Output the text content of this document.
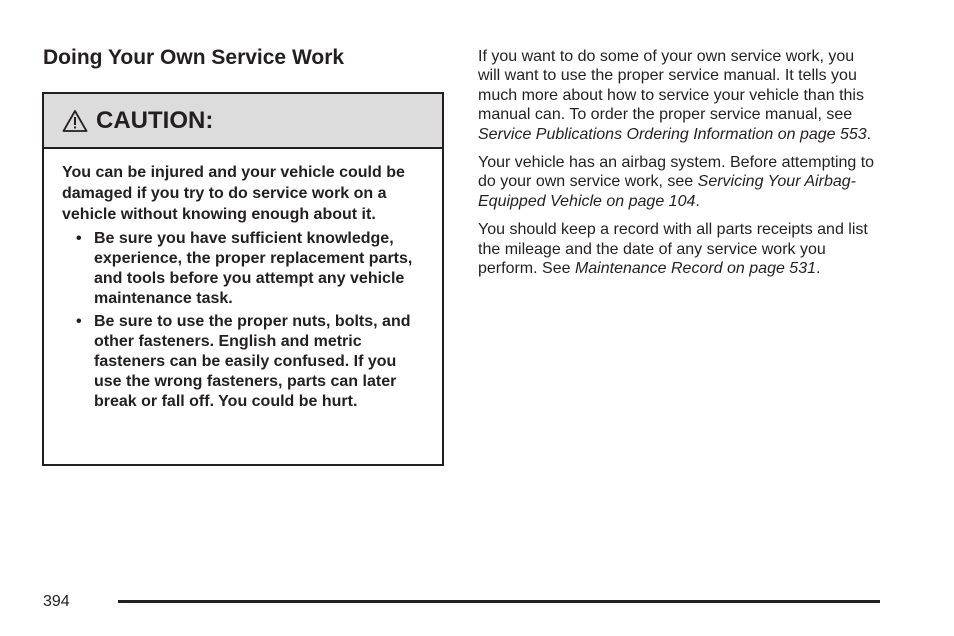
Doing Your Own Service Work
CAUTION:

You can be injured and your vehicle could be damaged if you try to do service work on a vehicle without knowing enough about it.

• Be sure you have sufficient knowledge, experience, the proper replacement parts, and tools before you attempt any vehicle maintenance task.
• Be sure to use the proper nuts, bolts, and other fasteners. English and metric fasteners can be easily confused. If you use the wrong fasteners, parts can later break or fall off. You could be hurt.

If you want to do some of your own service work, you will want to use the proper service manual. It tells you much more about how to service your vehicle than this manual can. To order the proper service manual, see Service Publications Ordering Information on page 553.

Your vehicle has an airbag system. Before attempting to do your own service work, see Servicing Your Airbag-Equipped Vehicle on page 104.

You should keep a record with all parts receipts and list the mileage and the date of any service work you perform. See Maintenance Record on page 531.

394
